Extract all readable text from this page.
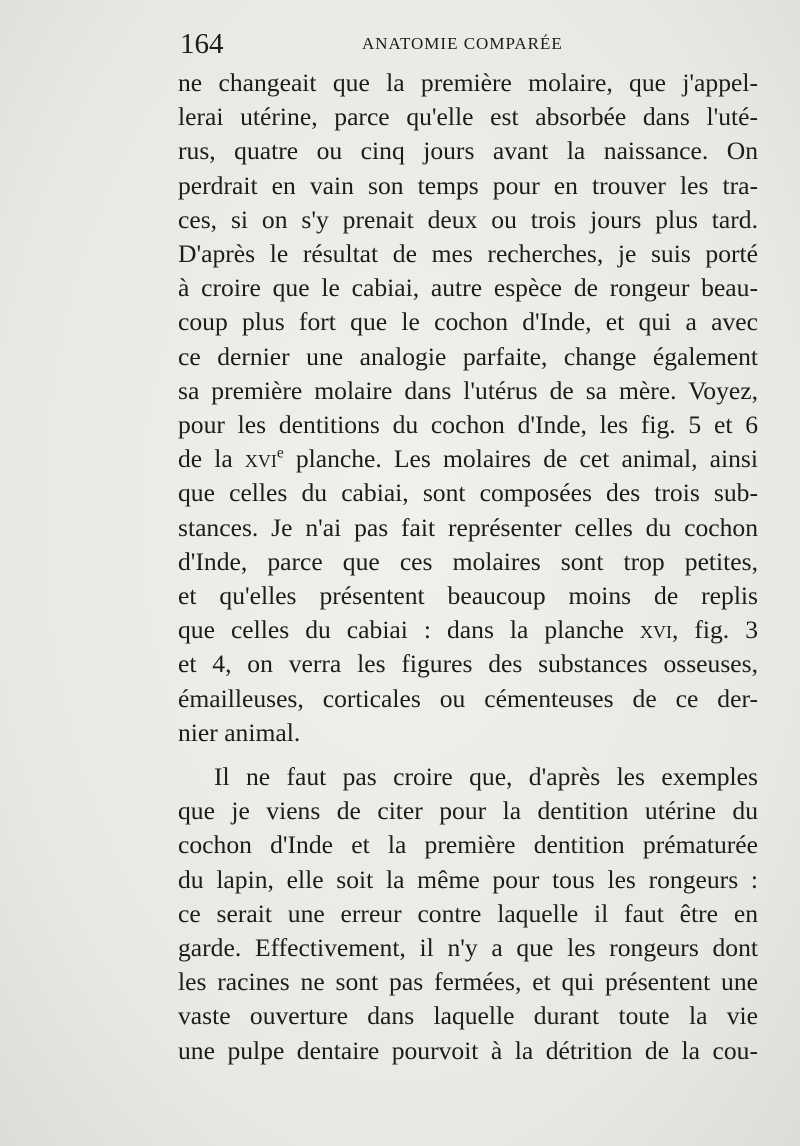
164	ANATOMIE COMPARÉE
ne changeait que la première molaire, que j'appel-
lerai utérine, parce qu'elle est absorbée dans l'uté-
rus, quatre ou cinq jours avant la naissance. On
perdrait en vain son temps pour en trouver les tra-
ces, si on s'y prenait deux ou trois jours plus tard.
D'après le résultat de mes recherches, je suis porté
à croire que le cabiai, autre espèce de rongeur beau-
coup plus fort que le cochon d'Inde, et qui a avec
ce dernier une analogie parfaite, change également
sa première molaire dans l'utérus de sa mère. Voyez,
pour les dentitions du cochon d'Inde, les fig. 5 et 6
de la xvi$^e$ planche. Les molaires de cet animal, ainsi
que celles du cabiai, sont composées des trois sub-
stances. Je n'ai pas fait représenter celles du cochon
d'Inde, parce que ces molaires sont trop petites,
et qu'elles présentent beaucoup moins de replis
que celles du cabiai : dans la planche xvi, fig. 3
et 4, on verra les figures des substances osseuses,
émailleuses, corticales ou cémenteuses de ce der-
nier animal.
Il ne faut pas croire que, d'après les exemples
que je viens de citer pour la dentition utérine du
cochon d'Inde et la première dentition prématurée
du lapin, elle soit la même pour tous les rongeurs :
ce serait une erreur contre laquelle il faut être en
garde. Effectivement, il n'y a que les rongeurs dont
les racines ne sont pas fermées, et qui présentent une
vaste ouverture dans laquelle durant toute la vie
une pulpe dentaire pourvoit à la détrition de la cou-
